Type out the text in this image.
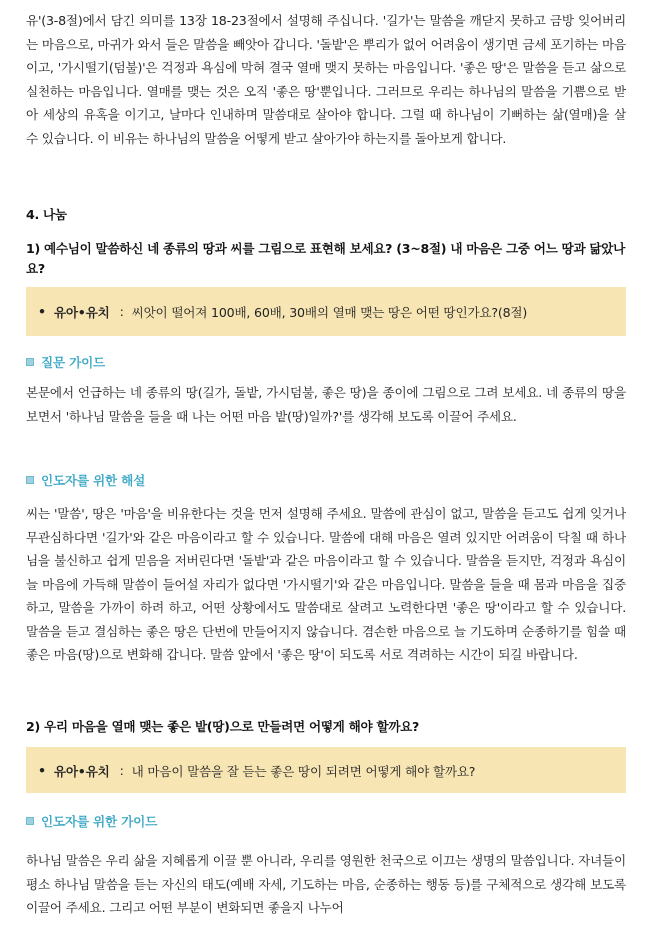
유'(3-8절)에서 담긴 의미를 13장 18-23절에서 설명해 주십니다. '길가'는 말씀을 깨닫지 못하고 금방 잊어버리는 마음으로, 마귀가 와서 들은 말씀을 빼앗아 갑니다. '돌밭'은 뿌리가 없어 어려움이 생기면 금세 포기하는 마음이고, '가시떨기(덤불)'은 걱정과 욕심에 막혀 결국 열매 맺지 못하는 마음입니다. '좋은 땅'은 말씀을 듣고 삶으로 실천하는 마음입니다. 열매를 맺는 것은 오직 '좋은 땅'뿐입니다. 그러므로 우리는 하나님의 말씀을 기쁨으로 받아 세상의 유혹을 이기고, 날마다 인내하며 말씀대로 살아야 합니다. 그럴 때 하나님이 기뻐하는 삶(열매)을 살 수 있습니다. 이 비유는 하나님의 말씀을 어떻게 받고 살아가야 하는지를 돌아보게 합니다.

4. 나눔

1) 예수님이 말씀하신 네 종류의 땅과 씨를 그림으로 표현해 보세요? (3~8절) 내 마음은 그중 어느 땅과 닮았나요?

• 유아•유치 : 씨앗이 떨어져 100배, 60배, 30배의 열매 맺는 땅은 어떤 땅인가요?(8절)
질문 가이드

본문에서 언급하는 네 종류의 땅(길가, 돌밭, 가시덤불, 좋은 땅)을 종이에 그림으로 그려 보세요. 네 종류의 땅을 보면서 '하나님 말씀을 들을 때 나는 어떤 마음 밭(땅)일까?'를 생각해 보도록 이끌어 주세요.

인도자를 위한 해설

씨는 '말씀', 땅은 '마음'을 비유한다는 것을 먼저 설명해 주세요. 말씀에 관심이 없고, 말씀을 듣고도 쉽게 잊거나 무관심하다면 '길가'와 같은 마음이라고 할 수 있습니다. 말씀에 대해 마음은 열려 있지만 어려움이 닥칠 때 하나님을 불신하고 쉽게 믿음을 저버린다면 '돌밭'과 같은 마음이라고 할 수 있습니다. 말씀을 듣지만, 걱정과 욕심이 늘 마음에 가득해 말씀이 들어설 자리가 없다면 '가시떨기'와 같은 마음입니다. 말씀을 들을 때 몸과 마음을 집중하고, 말씀을 가까이 하려 하고, 어떤 상황에서도 말씀대로 살려고 노력한다면 '좋은 땅'이라고 할 수 있습니다. 말씀을 듣고 결심하는 좋은 땅은 단번에 만들어지지 않습니다. 겸손한 마음으로 늘 기도하며 순종하기를 힘쓸 때 좋은 마음(땅)으로 변화해 갑니다. 말씀 앞에서 '좋은 땅'이 되도록 서로 격려하는 시간이 되길 바랍니다.

2) 우리 마음을 열매 맺는 좋은 밭(땅)으로 만들려면 어떻게 해야 할까요?

• 유아•유치 : 내 마음이 말씀을 잘 듣는 좋은 땅이 되려면 어떻게 해야 할까요?
인도자를 위한 가이드

하나님 말씀은 우리 삶을 지혜롭게 이끌 뿐 아니라, 우리를 영원한 천국으로 이끄는 생명의 말씀입니다. 자녀들이 평소 하나님 말씀을 듣는 자신의 태도(예배 자세, 기도하는 마음, 순종하는 행동 등)를 구체적으로 생각해 보도록 이끌어 주세요. 그리고 어떤 부분이 변화되면 좋을지 나누어
